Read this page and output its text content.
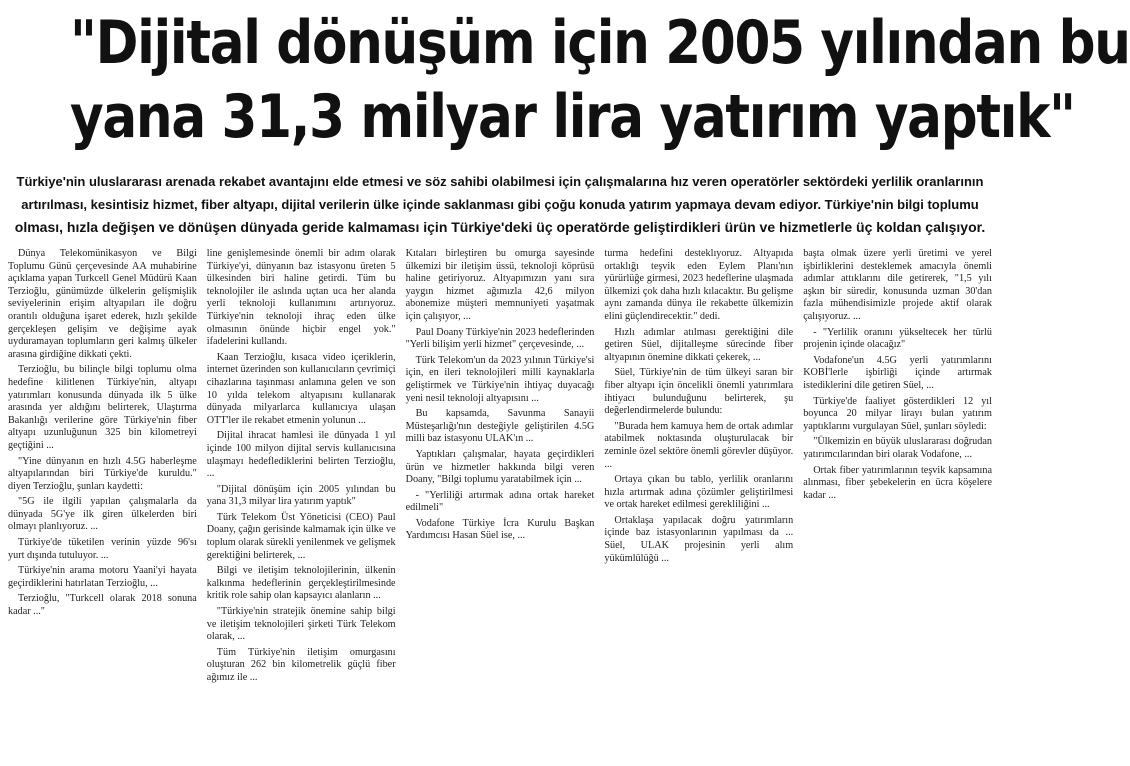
"Dijital dönüşüm için 2005 yılından bu
yana 31,3 milyar lira yatırım yaptık"
Türkiye'nin uluslararası arenada rekabet avantajını elde etmesi ve söz sahibi olabilmesi için çalışmalarına hız veren operatörler sektördeki yerlilik oranlarının
artırılması, kesintisiz hizmet, fiber altyapı, dijital verilerin ülke içinde saklanması gibi çoğu konuda yatırım yapmaya devam ediyor. Türkiye'nin bilgi toplumu
olması, hızla değişen ve dönüşen dünyada geride kalmaması için Türkiye'deki üç operatörde geliştirdikleri ürün ve hizmetlerle üç koldan çalışıyor.

Dünya Telekomünikasyon ve Bilgi Toplumu Günü çerçevesinde AA muhabirine açıklama yapan Turkcell Genel Müdürü Kaan Terzioğlu, günümüzde ülkelerin gelişmişlik seviyelerinin erişim altyapıları ile doğru orantılı olduğuna işaret ederek, hızlı şekilde gerçekleşen gelişim ve değişime ayak uyduramayan toplumların geri kalmış ülkeler arasına girdiğine dikkati çekti.

Terzioğlu, bu bilinçle bilgi toplumu olma hedefine kilitlenen Türkiye'nin, altyapı yatırımları konusunda dünyada ilk 5 ülke arasında yer aldığını belirterek, Ulaştırma Bakanlığı verilerine göre Türkiye'nin fiber altyapı uzunluğunun 325 bin kilometreyi geçtiğini ...

"Yine dünyanın en hızlı 4.5G haberleşme altyapılarından biri Türkiye'de kuruldu." diyen Terzioğlu, şunları kaydetti:

"5G ile ilgili yapılan çalışmalarla da dünyada 5G'ye ilk giren ülkelerden biri olmayı planlıyoruz. ...

Türkiye'de tüketilen verinin yüzde 96'sı yurt dışında tutuluyor. ...

Türkiye'nin arama motoru Yaani'yi hayata geçirdiklerini hatırlatan Terzioğlu, ...

Terzioğlu, "Turkcell olarak 2018 sonuna kadar ..."

line genişlemesinde önemli bir adım olarak Türkiye'yi, dünyanın baz istasyonu üreten 5 ülkesinden biri haline getirdi. Tüm bu teknolojiler ile aslında uçtan uca her alanda yerli teknoloji kullanımını artırıyoruz. Türkiye'nin teknoloji ihraç eden ülke olmasının önünde hiçbir engel yok." ifadelerini kullandı.

Kaan Terzioğlu, kısaca video içeriklerin, internet üzerinden son kullanıcıların çevrimiçi cihazlarına taşınması anlamına gelen ve son 10 yılda telekom altyapısını kullanarak dünyada milyarlarca kullanıcıya ulaşan OTT'ler ile rekabet etmenin yolunun ...

Dijital ihracat hamlesi ile dünyada 1 yıl içinde 100 milyon dijital servis kullanıcısına ulaşmayı hedeflediklerini belirten Terzioğlu, ...

"Dijital dönüşüm için 2005 yılından bu yana 31,3 milyar lira yatırım yaptık"

Türk Telekom Üst Yöneticisi (CEO) Paul Doany, çağın gerisinde kalmamak için ülke ve toplum olarak sürekli yenilenmek ve gelişmek gerektiğini belirterek, ...

Bilgi ve iletişim teknolojilerinin, ülkenin kalkınma hedeflerinin gerçekleştirilmesinde kritik role sahip olan kapsayıcı alanların ...

"Türkiye'nin stratejik önemine sahip bilgi ve iletişim teknolojileri şirketi Türk Telekom olarak, ...

Tüm Türkiye'nin iletişim omurgasını oluşturan 262 bin kilometrelik güçlü fiber ağımız ile ...

Kıtaları birleştiren bu omurga sayesinde ülkemizi bir iletişim üssü, teknoloji köprüsü haline getiriyoruz. Altyapımızın yanı sıra yaygın hizmet ağımızla 42,6 milyon abonemize müşteri memnuniyeti yaşatmak için çalışıyor, ...

Paul Doany Türkiye'nin 2023 hedeflerinden "Yerli bilişim yerli hizmet" çerçevesinde, ...

Türk Telekom'un da 2023 yılının Türkiye'si için, en ileri teknolojileri milli kaynaklarla geliştirmek ve Türkiye'nin ihtiyaç duyacağı yeni nesil teknoloji altyapısını ...

Bu kapsamda, Savunma Sanayii Müsteşarlığı'nın desteğiyle geliştirilen 4.5G milli baz istasyonu ULAK'ın ...

Yaptıkları çalışmalar, hayata geçirdikleri ürün ve hizmetler hakkında bilgi veren Doany, "Bilgi toplumu yaratabilmek için ...

- "Yerliliği artırmak adına ortak hareket edilmeli"

Vodafone Türkiye İcra Kurulu Başkan Yardımcısı Hasan Süel ise, ...

turma hedefini desteklıyoruz. Altyapıda ortaklığı teşvik eden Eylem Planı'nın yürürlüğe girmesi, 2023 hedeflerine ulaşmada ülkemizi çok daha hızlı kılacaktır. Bu gelişme aynı zamanda dünya ile rekabette ülkemizin elini güçlendirecektir." dedi.

Hızlı adımlar atılması gerektiğini dile getiren Süel, dijitalleşme sürecinde fiber altyapının önemine dikkati çekerek, ...

Süel, Türkiye'nin de tüm ülkeyi saran bir fiber altyapı için öncelikli önemli yatırımlara ihtiyacı bulunduğunu belirterek, şu değerlendirmelerde bulundu:

"Burada hem kamuya hem de ortak adımlar atabilmek noktasında oluşturulacak bir zeminle özel sektöre önemli görevler düşüyor. ...

Ortaya çıkan bu tablo, yerlilik oranlarını hızla artırmak adına çözümler geliştirilmesi ve ortak hareket edilmesi gerekliliğini ...

Ortaklaşa yapılacak doğru yatırımların içinde baz istasyonlarının yapılması da ... Süel, ULAK projesinin yerli alım yükümlülüğü ...

başta olmak üzere yerli üretimi ve yerel işbirliklerini desteklemek amacıyla önemli adımlar attıklarını dile getirerek, "1,5 yılı aşkın bir süredir, konusunda uzman 30'dan fazla mühendisimizle projede aktif olarak çalışıyoruz. ...

- "Yerlilik oranını yükseltecek her türlü projenin içinde olacağız"

Vodafone'un 4.5G yerli yatırımlarını KOBİ'lerle işbirliği içinde artırmak istediklerini dile getiren Süel, ...

Türkiye'de faaliyet gösterdikleri 12 yıl boyunca 20 milyar lirayı bulan yatırım yaptıklarını vurgulayan Süel, şunları söyledi:

"Ülkemizin en büyük uluslararası doğrudan yatırımcılarından biri olarak Vodafone, ...

Ortak fiber yatırımlarının teşvik kapsamına alınması, fiber şebekelerin en ücra köşelere kadar ...
